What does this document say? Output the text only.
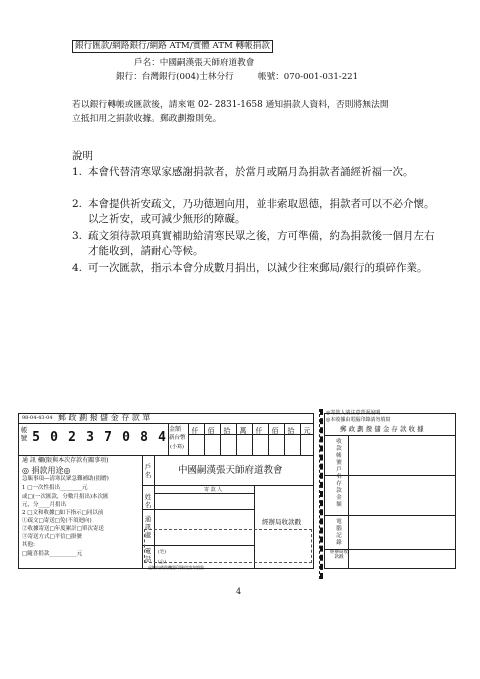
銀行匯款/網路銀行/網路 ATM/實體 ATM 轉帳捐款
戶名：中國嗣漢張天師府道教會
銀行：台灣銀行(004)士林分行	帳號：070-001-031-221
若以銀行轉帳或匯款後，請來電 02- 2831-1658 通知捐款人資料，否則將無法開
立抵扣用之捐款收據。郵政劃撥則免。
說明
1. 本會代替清寒眾家感謝捐款者，於當月或隔月為捐款者誦經祈福一次。
2. 本會提供祈安疏文，乃功德迴向用，並非索取恩德，捐款者可以不必介懷。以之祈安，或可減少無形的障礙。
3. 疏文須待款項真實補助給清寒民眾之後，方可準備，約為捐款後一個月左右才能收到，請耐心等候。
4. 可一次匯款，指示本會分成數月捐出，以減少往來郵局/銀行的瑣碎作業。
98-04-43-04 郵 政 劃 撥 儲 金 存 款 單
帳號 5 0 2 3 7 0 8 4
金額
新台幣
(小寫)
仟	佰	拾	萬	仟	佰	拾	元
通 訊 欄(限與本次存款有關事項)
◎ 捐款用途◎
急賑事項—清寒民眾急難補助(捐贈)
1 □一次性捐出________元
或□(一次匯款，分數月捐出)本次匯
元，分____月捐出
2 □文和收據□如下指示□同以前
①疏文□寄送□免(不須迴向)
②收據寄送□年度累計□單次寄送
③寄送方式□平信□掛號
其他:
□隨喜捐款__________元
戶名	中國嗣漢張天師府道教會
寄 款 人
姓名
通訊處
電話
(宅)
(公)
經辦局收款戳
虛線內備供機器印錄用請勿填寫
◎寄款人請注意背面說明
◎本收據由電腦印錄請勿填寫
郵 政 劃 撥 儲 金 存 款 收 據
收款帳號戶名
存款金額
電腦記錄
經辦局收款戳
4
